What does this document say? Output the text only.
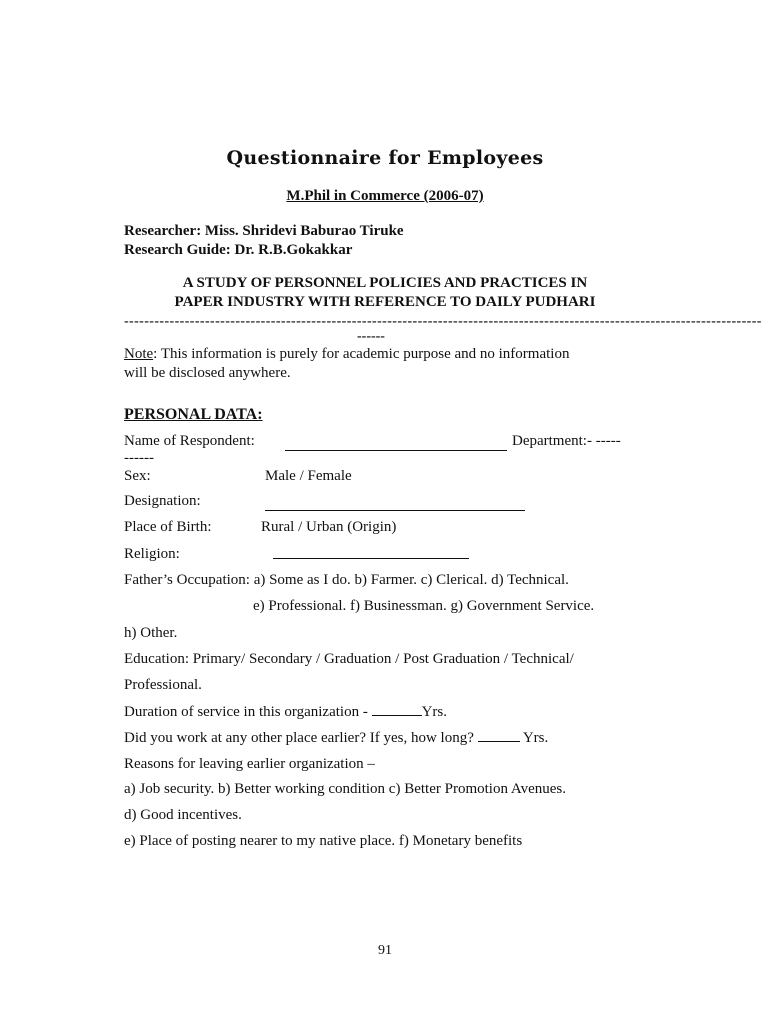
Questionnaire for Employees
M.Phil in Commerce (2006-07)
Researcher: Miss. Shridevi Baburao Tiruke
Research Guide: Dr. R.B.Gokakkar
A STUDY OF PERSONNEL POLICIES AND PRACTICES IN
PAPER INDUSTRY WITH REFERENCE TO DAILY PUDHARI
------------------------------------------------------------------------------------------------------------------------------
------
Note: This information is purely for academic purpose and no information
will be disclosed anywhere.
PERSONAL DATA:
Name of Respondent:	Department:- -----
------
Sex:	Male / Female
Designation:
Place of Birth:	Rural / Urban (Origin)
Religion:
Father’s Occupation: a) Some as I do. b) Farmer. c) Clerical. d) Technical.
e) Professional. f) Businessman. g) Government Service.
h) Other.
Education: Primary/ Secondary / Graduation / Post Graduation / Technical/
Professional.
Duration of service in this organization -	Yrs.
Did you work at any other place earlier? If yes, how long?	Yrs.
Reasons for leaving earlier organization –
a) Job security. b) Better working condition c) Better Promotion Avenues.
d) Good incentives.
e) Place of posting nearer to my native place. f) Monetary benefits
91
